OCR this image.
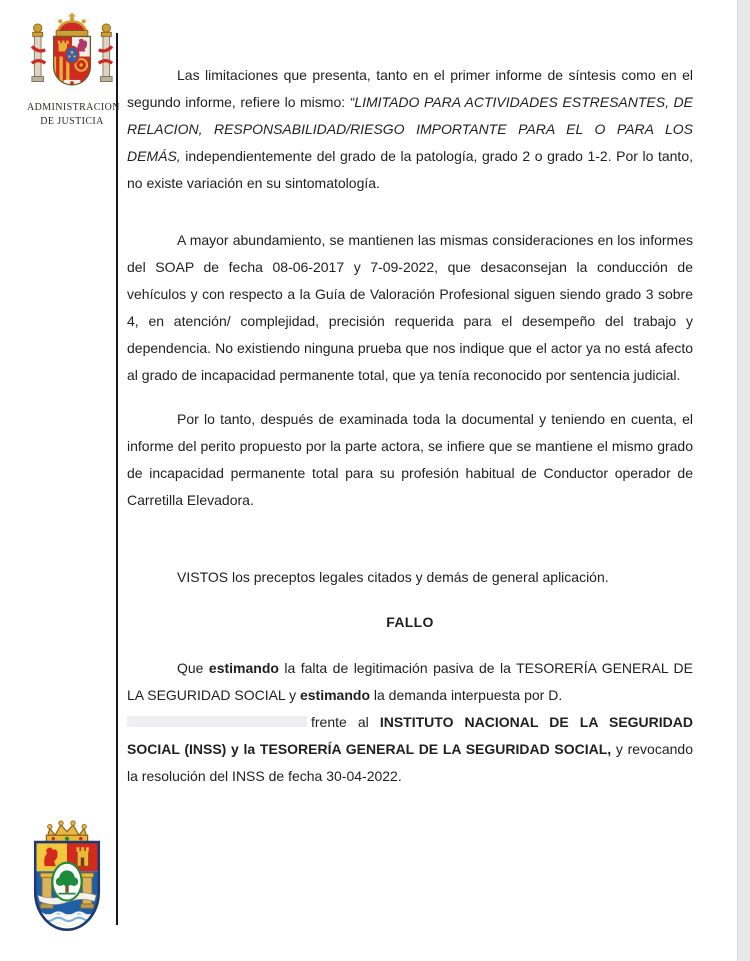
ADMINISTRACION
DE JUSTICIA

Las limitaciones que presenta, tanto en el primer informe de síntesis como en el segundo informe, refiere lo mismo: “LIMITADO PARA ACTIVIDADES ESTRESANTES, DE RELACION, RESPONSABILIDAD/RIESGO IMPORTANTE PARA EL O PARA LOS DEMÁS, independientemente del grado de la patología, grado 2 o grado 1-2. Por lo tanto, no existe variación en su sintomatología.

A mayor abundamiento, se mantienen las mismas consideraciones en los informes del SOAP de fecha 08-06-2017 y 7-09-2022, que desaconsejan la conducción de vehículos y con respecto a la Guía de Valoración Profesional siguen siendo grado 3 sobre 4, en atención/ complejidad, precisión requerida para el desempeño del trabajo y dependencia. No existiendo ninguna prueba que nos indique que el actor ya no está afecto al grado de incapacidad permanente total, que ya tenía reconocido por sentencia judicial.

Por lo tanto, después de examinada toda la documental y teniendo en cuenta, el informe del perito propuesto por la parte actora, se infiere que se mantiene el mismo grado de incapacidad permanente total para su profesión habitual de Conductor operador de Carretilla Elevadora.

VISTOS los preceptos legales citados y demás de general aplicación.

FALLO

Que estimando la falta de legitimación pasiva de la TESORERÍA GENERAL DE LA SEGURIDAD SOCIAL y estimando la demanda interpuesta por D.
frente al INSTITUTO NACIONAL DE LA SEGURIDAD SOCIAL (INSS) y la TESORERÍA GENERAL DE LA SEGURIDAD SOCIAL, y revocando la resolución del INSS de fecha 30-04-2022.
